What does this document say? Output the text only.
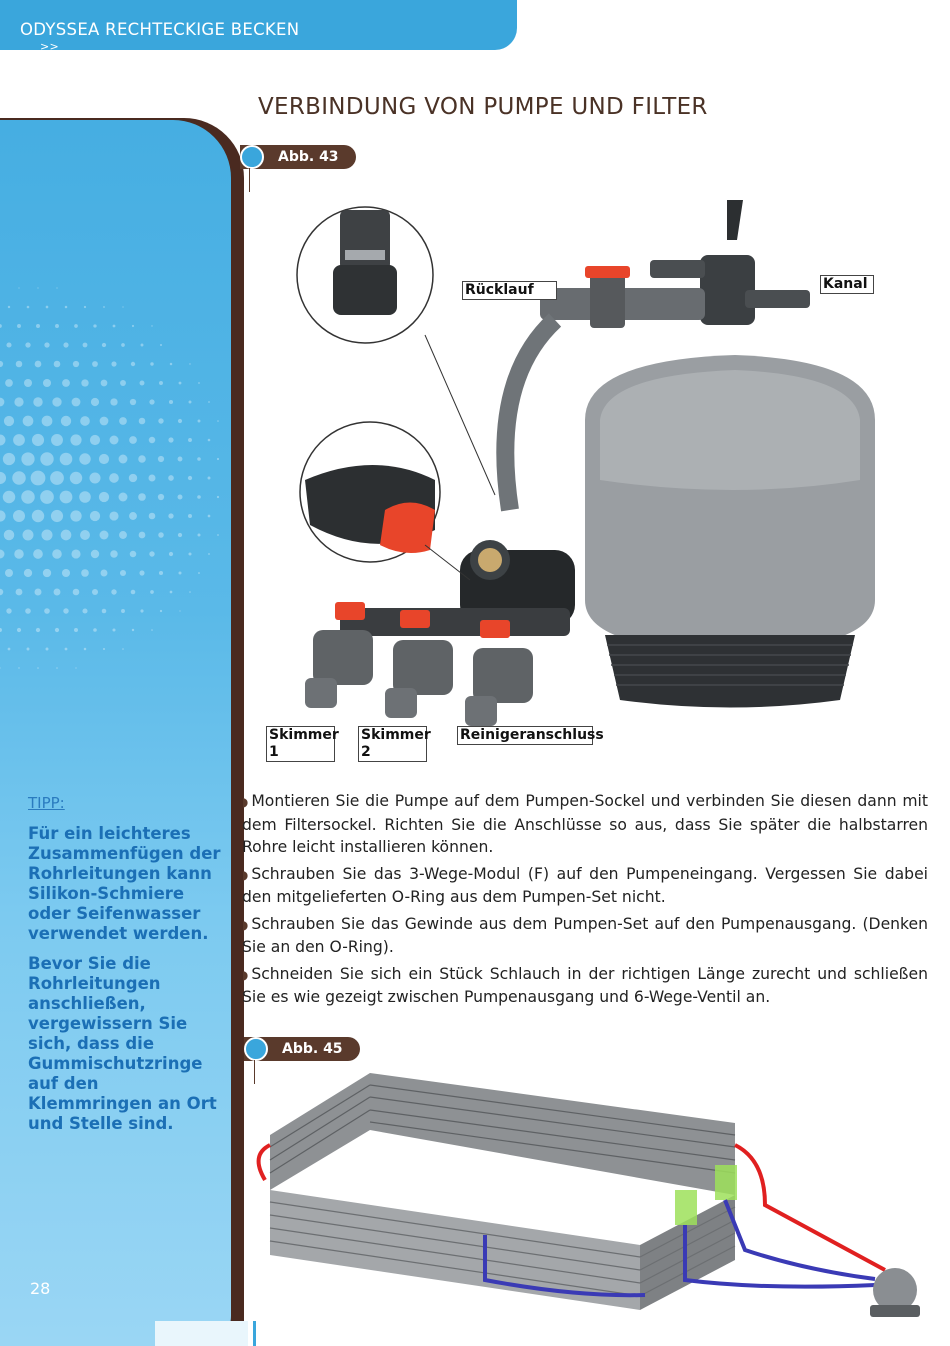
>>
ODYSSEA RECHTECKIGE BECKEN
VERBINDUNG VON PUMPE UND FILTER
TIPP:
Für ein leichteres Zusammenfügen der Rohrleitungen kann Silikon-Schmiere oder Seifenwasser verwendet werden.
Bevor Sie die Rohrleitungen anschließen, vergewissern Sie sich, dass die Gummischutzringe auf den Klemmringen an Ort und Stelle sind.
28
Abb. 43
Rücklauf	Kanal
Skimmer 1
Skimmer 2
Reinigeranschluss
◗ Montieren Sie die Pumpe auf dem Pumpen-Sockel und verbinden Sie diesen dann mit dem Filtersockel. Richten Sie die Anschlüsse so aus, dass Sie später die halbstarren Rohre leicht installieren können.
◗ Schrauben Sie das 3-Wege-Modul (F) auf den Pumpeneingang. Vergessen Sie dabei den mitgelieferten O-Ring aus dem Pumpen-Set nicht.
◗ Schrauben Sie das Gewinde aus dem Pumpen-Set auf den Pumpenausgang. (Denken Sie an den O-Ring).
◗ Schneiden Sie sich ein Stück Schlauch in der richtigen Länge zurecht und schließen Sie es wie gezeigt zwischen Pumpenausgang und 6-Wege-Ventil an.
Abb. 45
